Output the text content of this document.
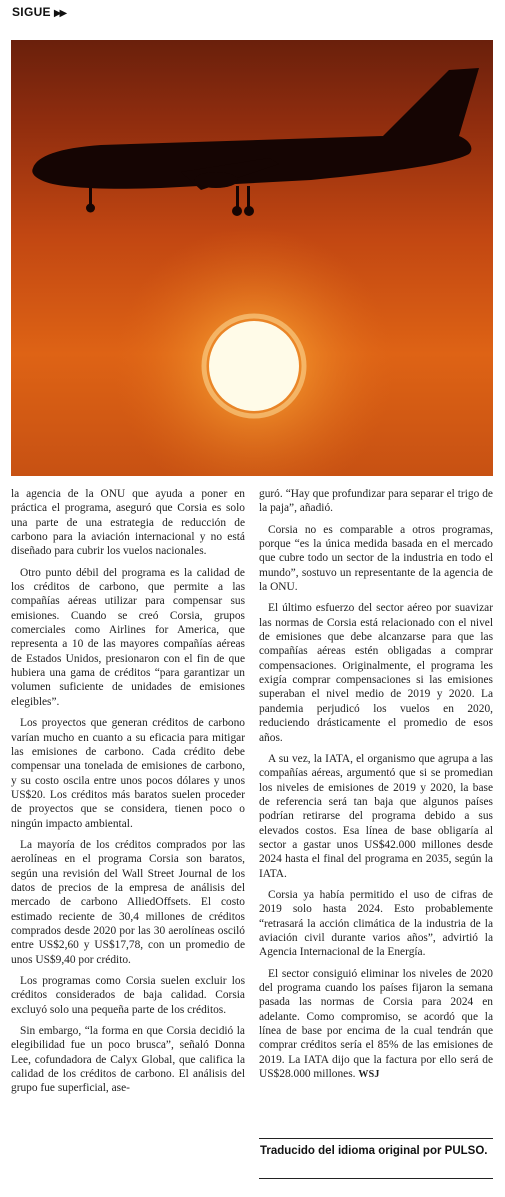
SIGUE ▶▶

la agencia de la ONU que ayuda a poner en práctica el programa, aseguró que Corsia es solo una parte de una estrategia de reducción de carbono para la aviación internacional y no está diseñado para cubrir los vuelos nacionales.

Otro punto débil del programa es la calidad de los créditos de carbono, que permite a las compañías aéreas utilizar para compensar sus emisiones. Cuando se creó Corsia, grupos comerciales como Airlines for America, que representa a 10 de las mayores compañías aéreas de Estados Unidos, presionaron con el fin de que hubiera una gama de créditos “para garantizar un volumen suficiente de unidades de emisiones elegibles”.

Los proyectos que generan créditos de carbono varían mucho en cuanto a su eficacia para mitigar las emisiones de carbono. Cada crédito debe compensar una tonelada de emisiones de carbono, y su costo oscila entre unos pocos dólares y unos US$20. Los créditos más baratos suelen proceder de proyectos que se considera, tienen poco o ningún impacto ambiental.

La mayoría de los créditos comprados por las aerolíneas en el programa Corsia son baratos, según una revisión del Wall Street Journal de los datos de precios de la empresa de análisis del mercado de carbono AlliedOffsets. El costo estimado reciente de 30,4 millones de créditos comprados desde 2020 por las 30 aerolíneas osciló entre US$2,60 y US$17,78, con un promedio de unos US$9,40 por crédito.

Los programas como Corsia suelen excluir los créditos considerados de baja calidad. Corsia excluyó solo una pequeña parte de los créditos.

Sin embargo, “la forma en que Corsia decidió la elegibilidad fue un poco brusca”, señaló Donna Lee, cofundadora de Calyx Global, que califica la calidad de los créditos de carbono. El análisis del grupo fue superficial, ase-

guró. “Hay que profundizar para separar el trigo de la paja”, añadió.

Corsia no es comparable a otros programas, porque “es la única medida basada en el mercado que cubre todo un sector de la industria en todo el mundo”, sostuvo un representante de la agencia de la ONU.

El último esfuerzo del sector aéreo por suavizar las normas de Corsia está relacionado con el nivel de emisiones que debe alcanzarse para que las compañías aéreas estén obligadas a comprar compensaciones. Originalmente, el programa les exigía comprar compensaciones si las emisiones superaban el nivel medio de 2019 y 2020. La pandemia perjudicó los vuelos en 2020, reduciendo drásticamente el promedio de esos años.

A su vez, la IATA, el organismo que agrupa a las compañías aéreas, argumentó que si se promedian los niveles de emisiones de 2019 y 2020, la base de referencia será tan baja que algunos países podrían retirarse del programa debido a sus elevados costos. Esa línea de base obligaría al sector a gastar unos US$42.000 millones desde 2024 hasta el final del programa en 2035, según la IATA.

Corsia ya había permitido el uso de cifras de 2019 solo hasta 2024. Esto probablemente “retrasará la acción climática de la industria de la aviación civil durante varios años”, advirtió la Agencia Internacional de la Energía.

El sector consiguió eliminar los niveles de 2020 del programa cuando los países fijaron la semana pasada las normas de Corsia para 2024 en adelante. Como compromiso, se acordó que la línea de base por encima de la cual tendrán que comprar créditos sería el 85% de las emisiones de 2019. La IATA dijo que la factura por ello será de US$28.000 millones. WSJ

Traducido del idioma original por PULSO.
